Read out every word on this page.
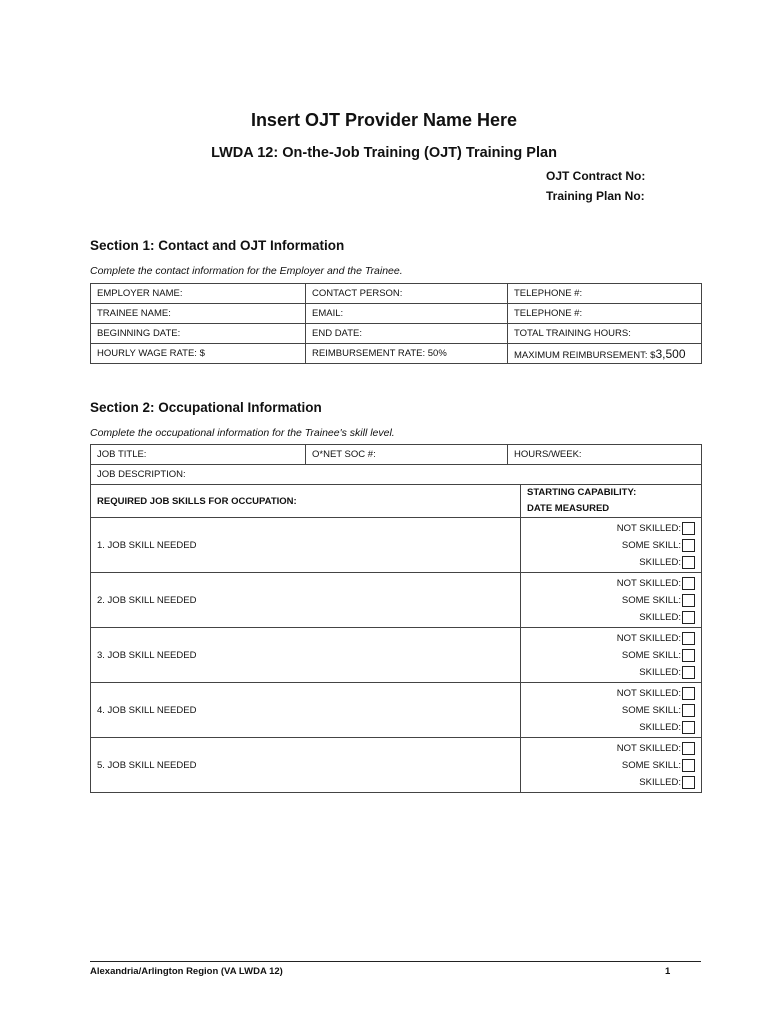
Insert OJT Provider Name Here
LWDA 12: On-the-Job Training (OJT) Training Plan
OJT Contract No:
Training Plan No:
Section 1: Contact and OJT Information
Complete the contact information for the Employer and the Trainee.
EMPLOYER NAME:	CONTACT PERSON:	TELEPHONE #:
TRAINEE NAME:	EMAIL:	TELEPHONE #:
BEGINNING DATE:	END DATE:	TOTAL TRAINING HOURS:
HOURLY WAGE RATE: $	REIMBURSEMENT RATE: 50%	MAXIMUM REIMBURSEMENT: $3,500
Section 2: Occupational Information
Complete the occupational information for the Trainee's skill level.
JOB TITLE:	O*NET SOC #:	HOURS/WEEK:	
JOB DESCRIPTION:			
REQUIRED JOB SKILLS FOR OCCUPATION:			STARTING CAPABILITY:
DATE MEASURED

1. JOB SKILL NEEDED			NOT SKILLED:
SOME SKILL:
SKILLED:

2. JOB SKILL NEEDED			NOT SKILLED:
SOME SKILL:
SKILLED:

3. JOB SKILL NEEDED			NOT SKILLED:
SOME SKILL:
SKILLED:

4. JOB SKILL NEEDED			NOT SKILLED:
SOME SKILL:
SKILLED:

5. JOB SKILL NEEDED			NOT SKILLED:
SOME SKILL:
SKILLED:
Alexandria/Arlington Region (VA LWDA 12)	1
